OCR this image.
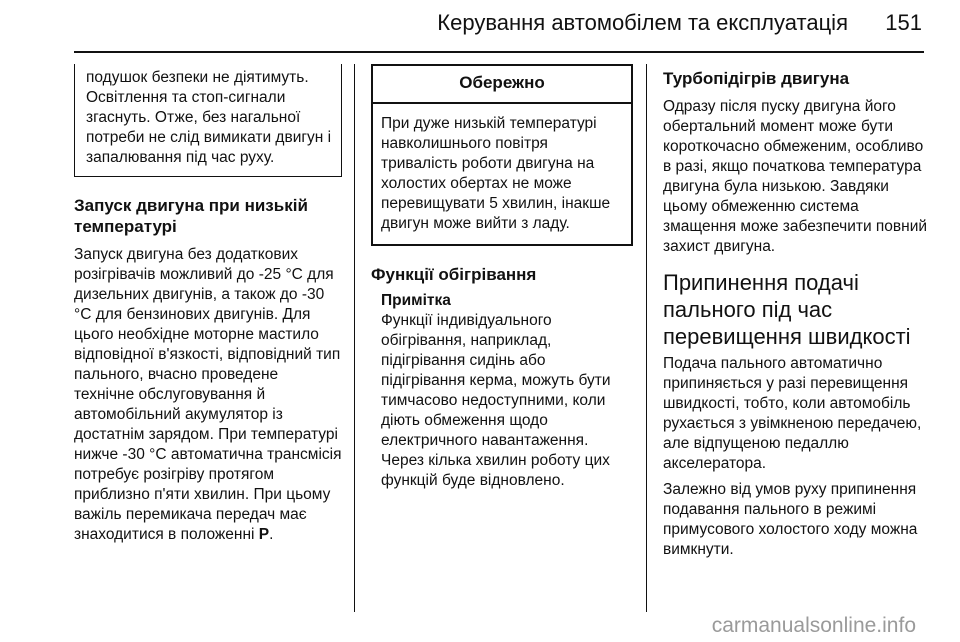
Керування автомобілем та експлуатація 151

подушок безпеки не діятимуть. Освітлення та стоп-сигнали згаснуть. Отже, без нагальної потреби не слід вимикати двигун і запалювання під час руху.

Запуск двигуна при низькій температурі

Запуск двигуна без додаткових розігрівачів можливий до -25 °C для дизельних двигунів, а також до -30 °C для бензинових двигунів. Для цього необхідне моторне мастило відповідної в'язкості, відповідний тип пального, вчасно проведене технічне обслуговування й автомобільний акумулятор із достатнім зарядом. При температурі нижче -30 °C автоматична трансмісія потребує розігріву протягом приблизно п'яти хвилин. При цьому важіль перемикача передач має знаходитися в положенні P.

Обережно
При дуже низькій температурі навколишнього повітря тривалість роботи двигуна на холостих обертах не може перевищувати 5 хвилин, інакше двигун може вийти з ладу.
Функції обігрівання
Примітка

Функції індивідуального обігрівання, наприклад, підігрівання сидінь або підігрівання керма, можуть бути тимчасово недоступними, коли діють обмеження щодо електричного навантаження. Через кілька хвилин роботу цих функцій буде відновлено.

Турбопідігрів двигуна

Одразу після пуску двигуна його обертальний момент може бути короткочасно обмеженим, особливо в разі, якщо початкова температура двигуна була низькою. Завдяки цьому обмеженню система змащення може забезпечити повний захист двигуна.

Припинення подачі пального під час перевищення швидкості

Подача пального автоматично припиняється у разі перевищення швидкості, тобто, коли автомобіль рухається з увімкненою передачею, але відпущеною педаллю акселератора.

Залежно від умов руху припинення подавання пального в режимі примусового холостого ходу можна вимкнути.

carmanualsonline.info
